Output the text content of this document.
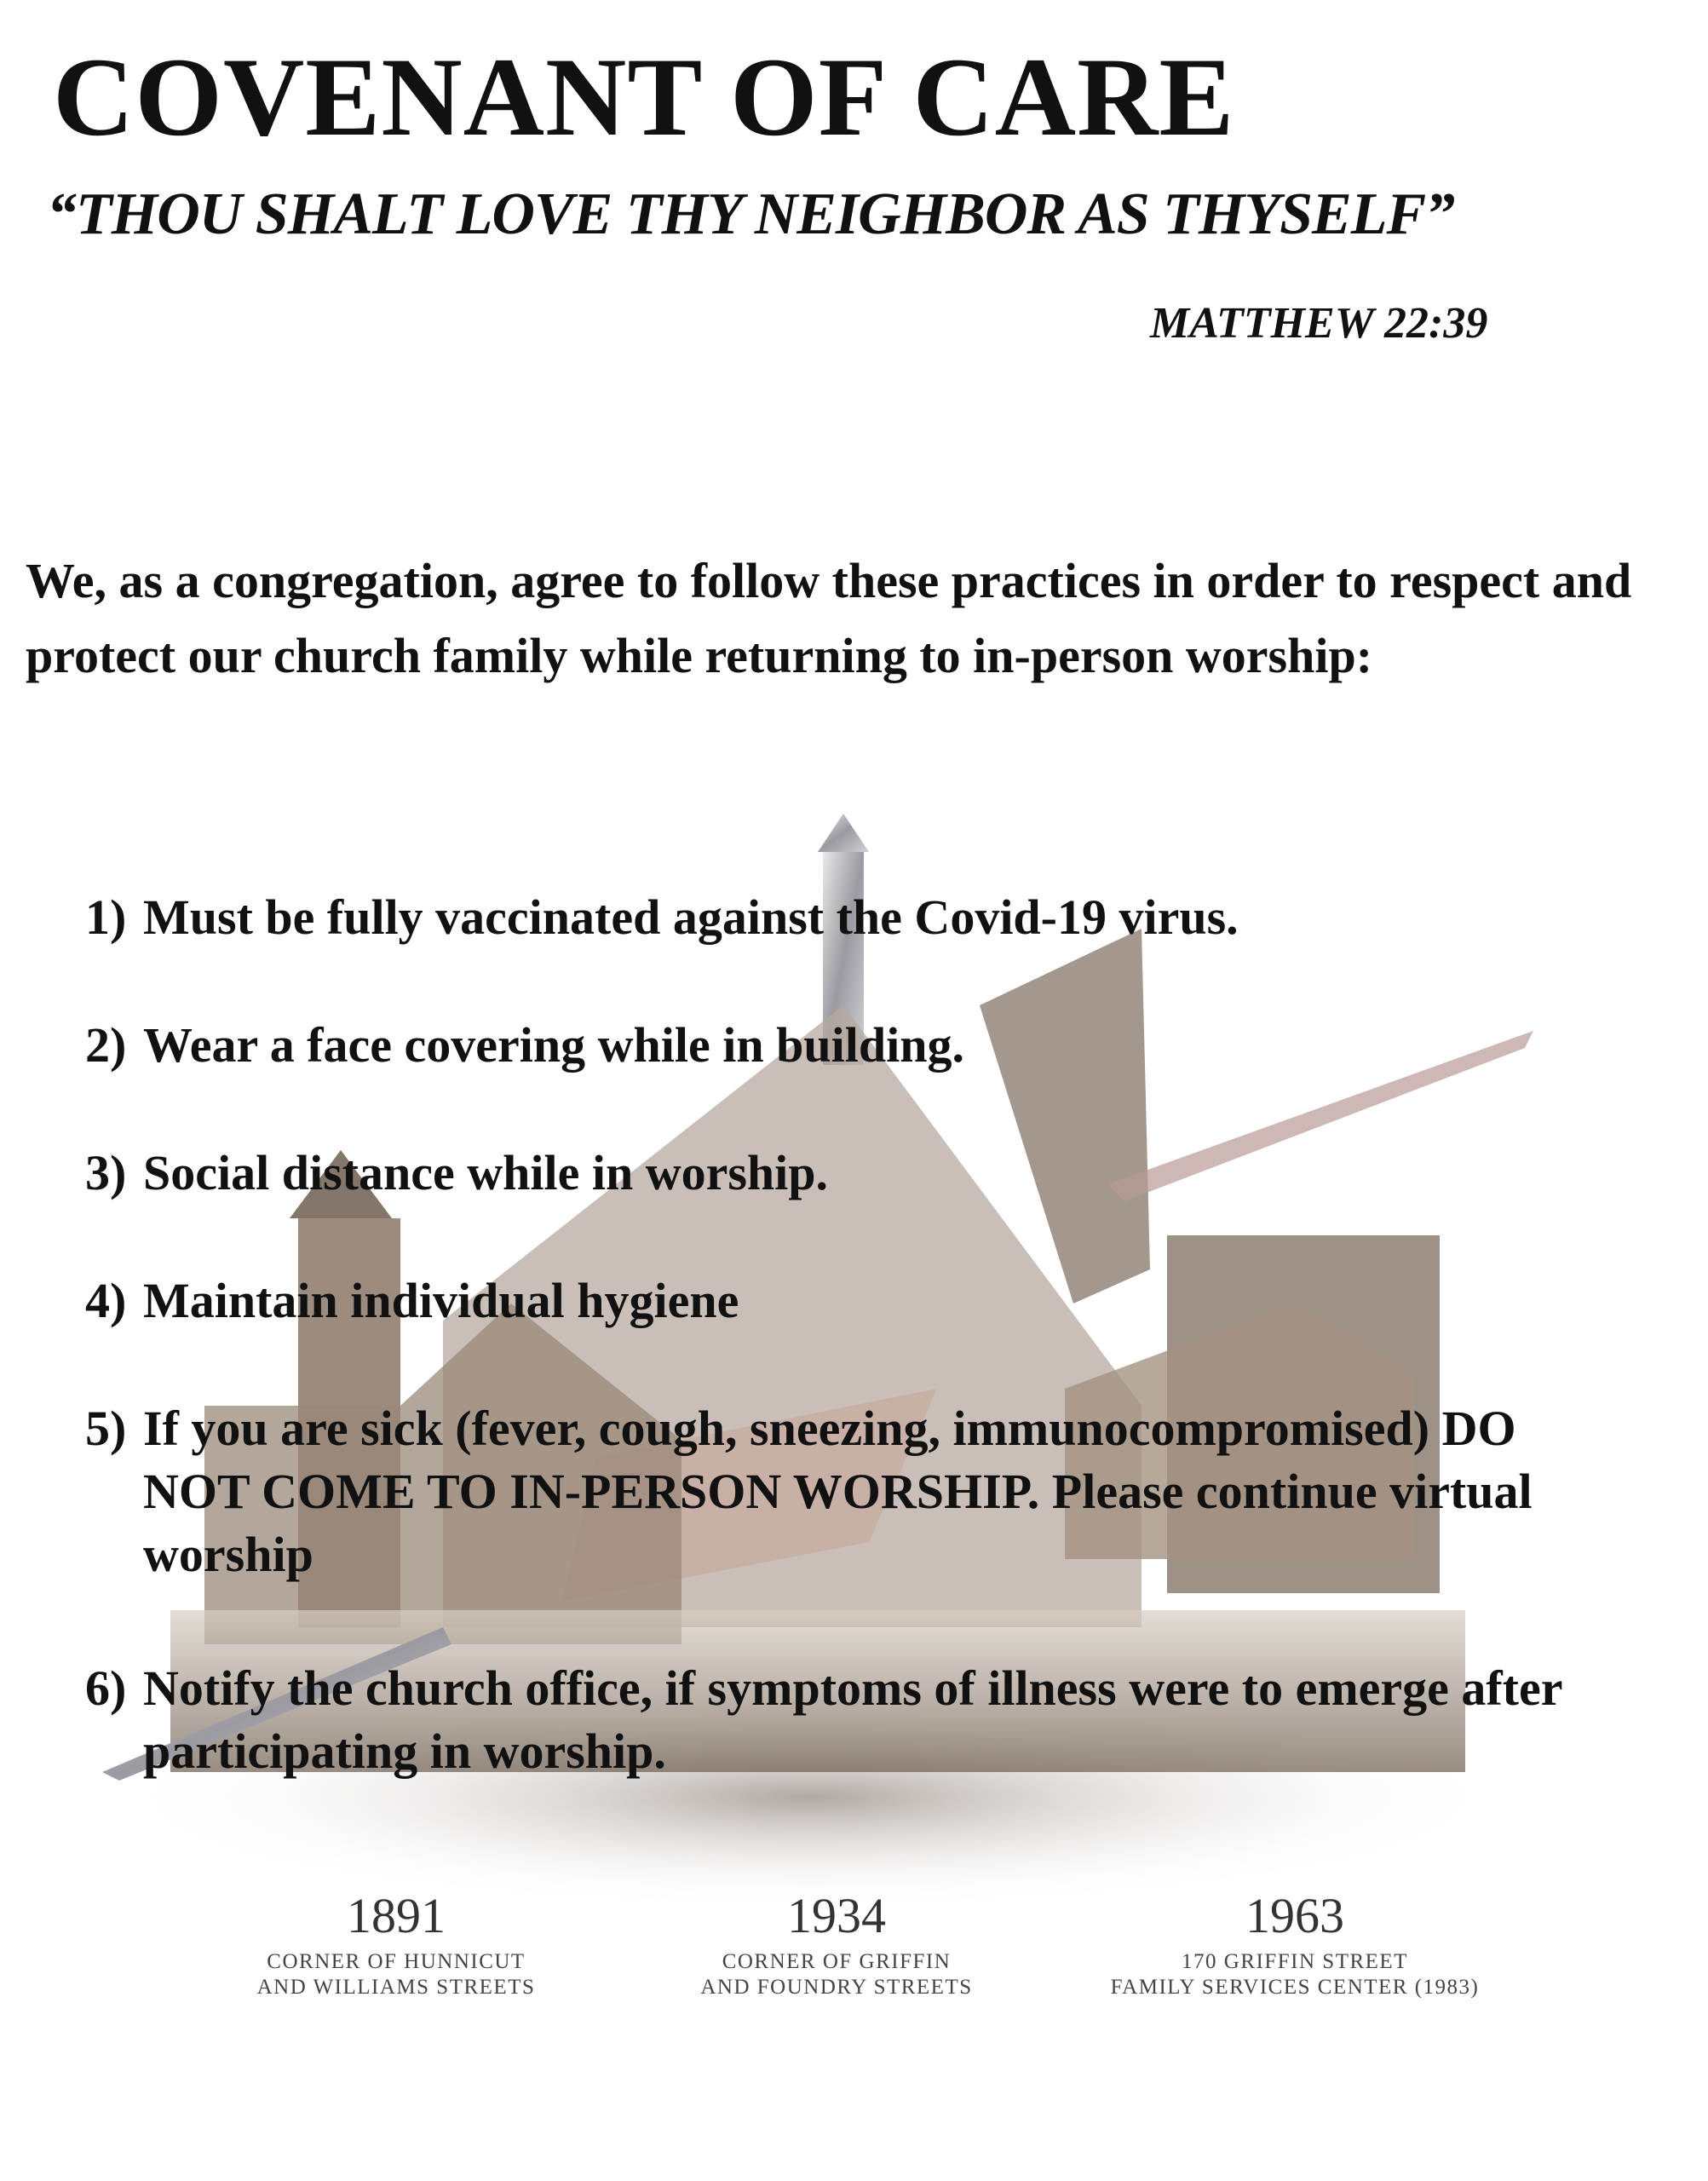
COVENANT OF CARE

“THOU SHALT LOVE THY NEIGHBOR AS THYSELF”

MATTHEW 22:39

We, as a congregation, agree to follow these practices in order to respect and protect our church family while returning to in-person worship:

1) Must be fully vaccinated against the Covid-19 virus.
2) Wear a face covering while in building.
3) Social distance while in worship.
4) Maintain individual hygiene
5) If you are sick (fever, cough, sneezing, immunocompromised) DO NOT COME TO IN-PERSON WORSHIP. Please continue virtual worship
6) Notify the church office, if symptoms of illness were to emerge after participating in worship.
1891
CORNER OF HUNNICUT
AND WILLIAMS STREETS
1934
CORNER OF GRIFFIN
AND FOUNDRY STREETS
1963
170 GRIFFIN STREET
FAMILY SERVICES CENTER (1983)
